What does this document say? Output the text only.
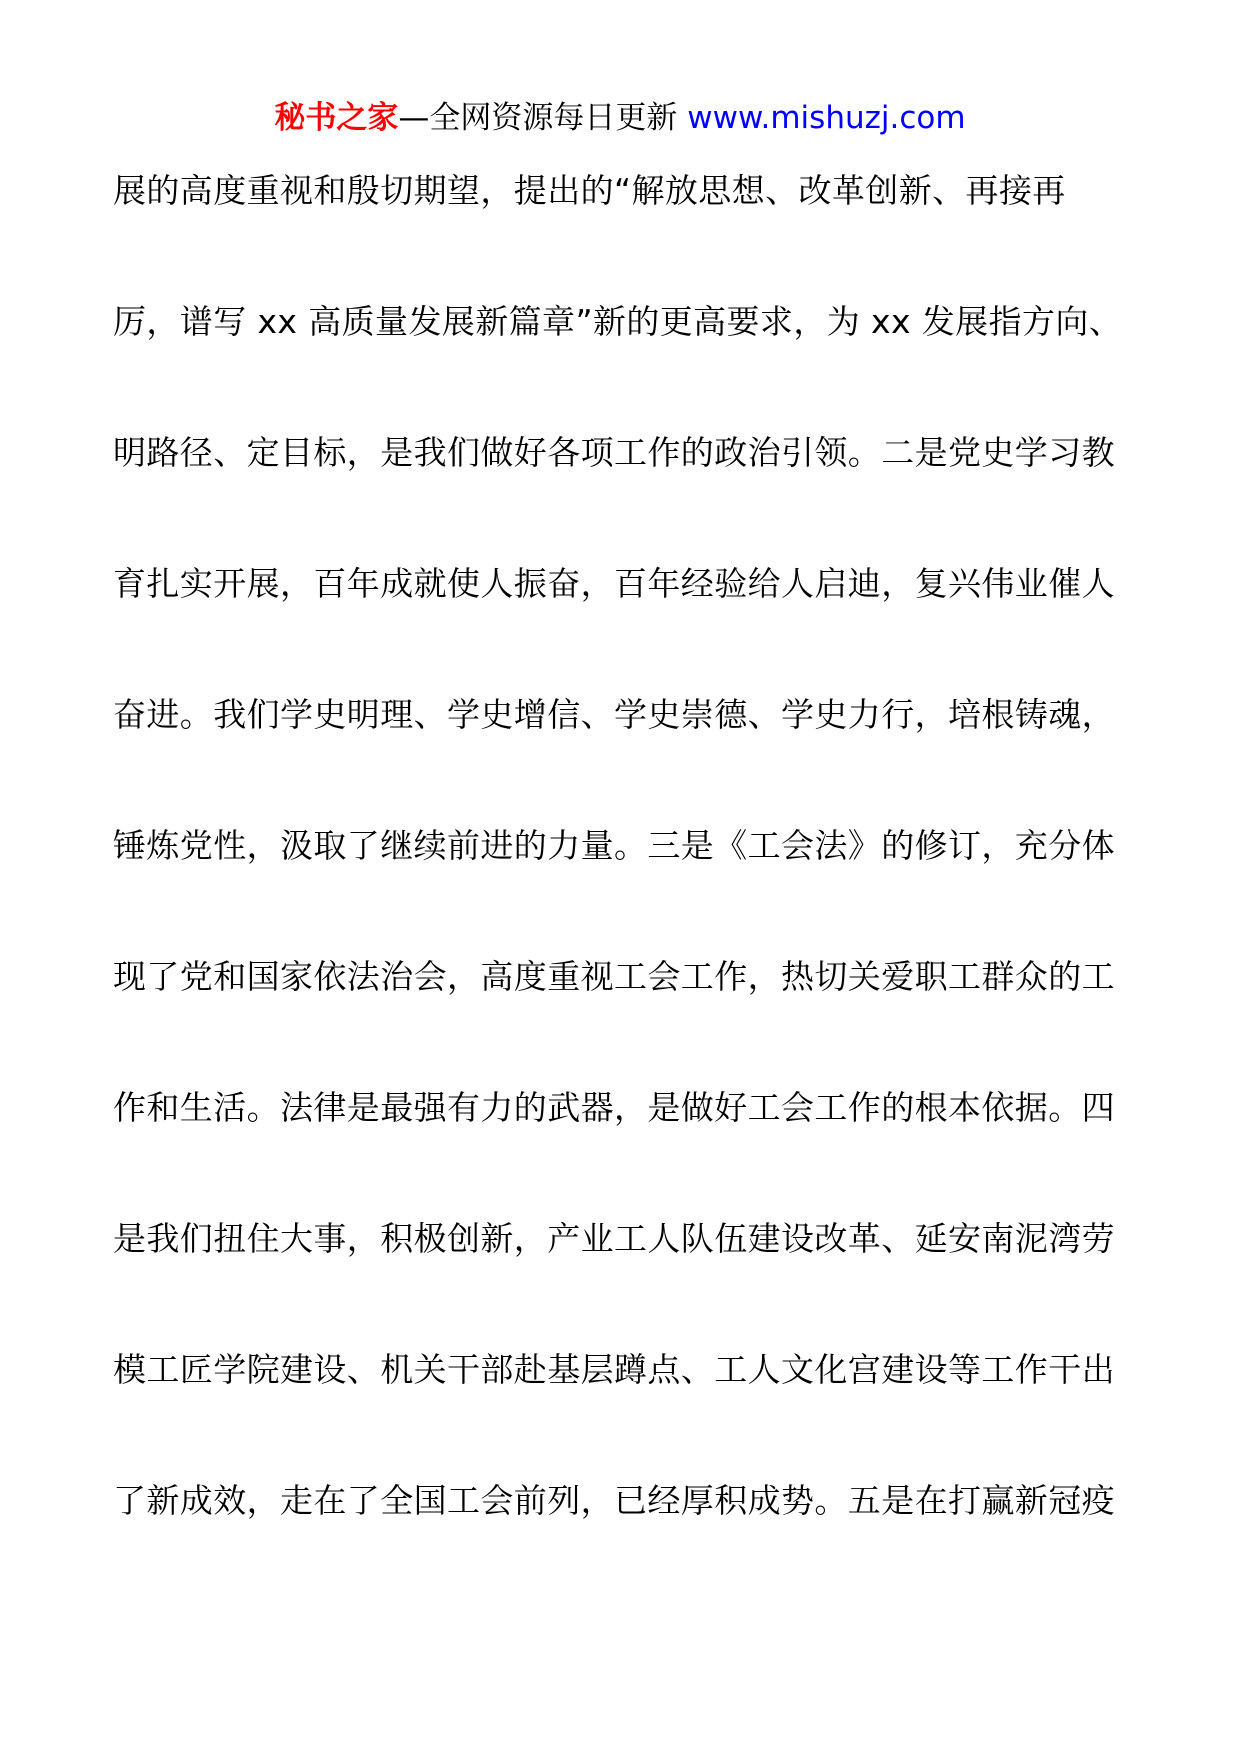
秘书之家—全网资源每日更新 www.mishuzj.com
展的高度重视和殷切期望，提出的“解放思想、改革创新、再接再
厉，谱写 xx 高质量发展新篇章”新的更高要求，为 xx 发展指方向、
明路径、定目标，是我们做好各项工作的政治引领。二是党史学习教
育扎实开展，百年成就使人振奋，百年经验给人启迪，复兴伟业催人
奋进。我们学史明理、学史增信、学史崇德、学史力行，培根铸魂，
锤炼党性，汲取了继续前进的力量。三是《工会法》的修订，充分体
现了党和国家依法治会，高度重视工会工作，热切关爱职工群众的工
作和生活。法律是最强有力的武器，是做好工会工作的根本依据。四
是我们扭住大事，积极创新，产业工人队伍建设改革、延安南泥湾劳
模工匠学院建设、机关干部赴基层蹲点、工人文化宫建设等工作干出
了新成效，走在了全国工会前列，已经厚积成势。五是在打赢新冠疫
